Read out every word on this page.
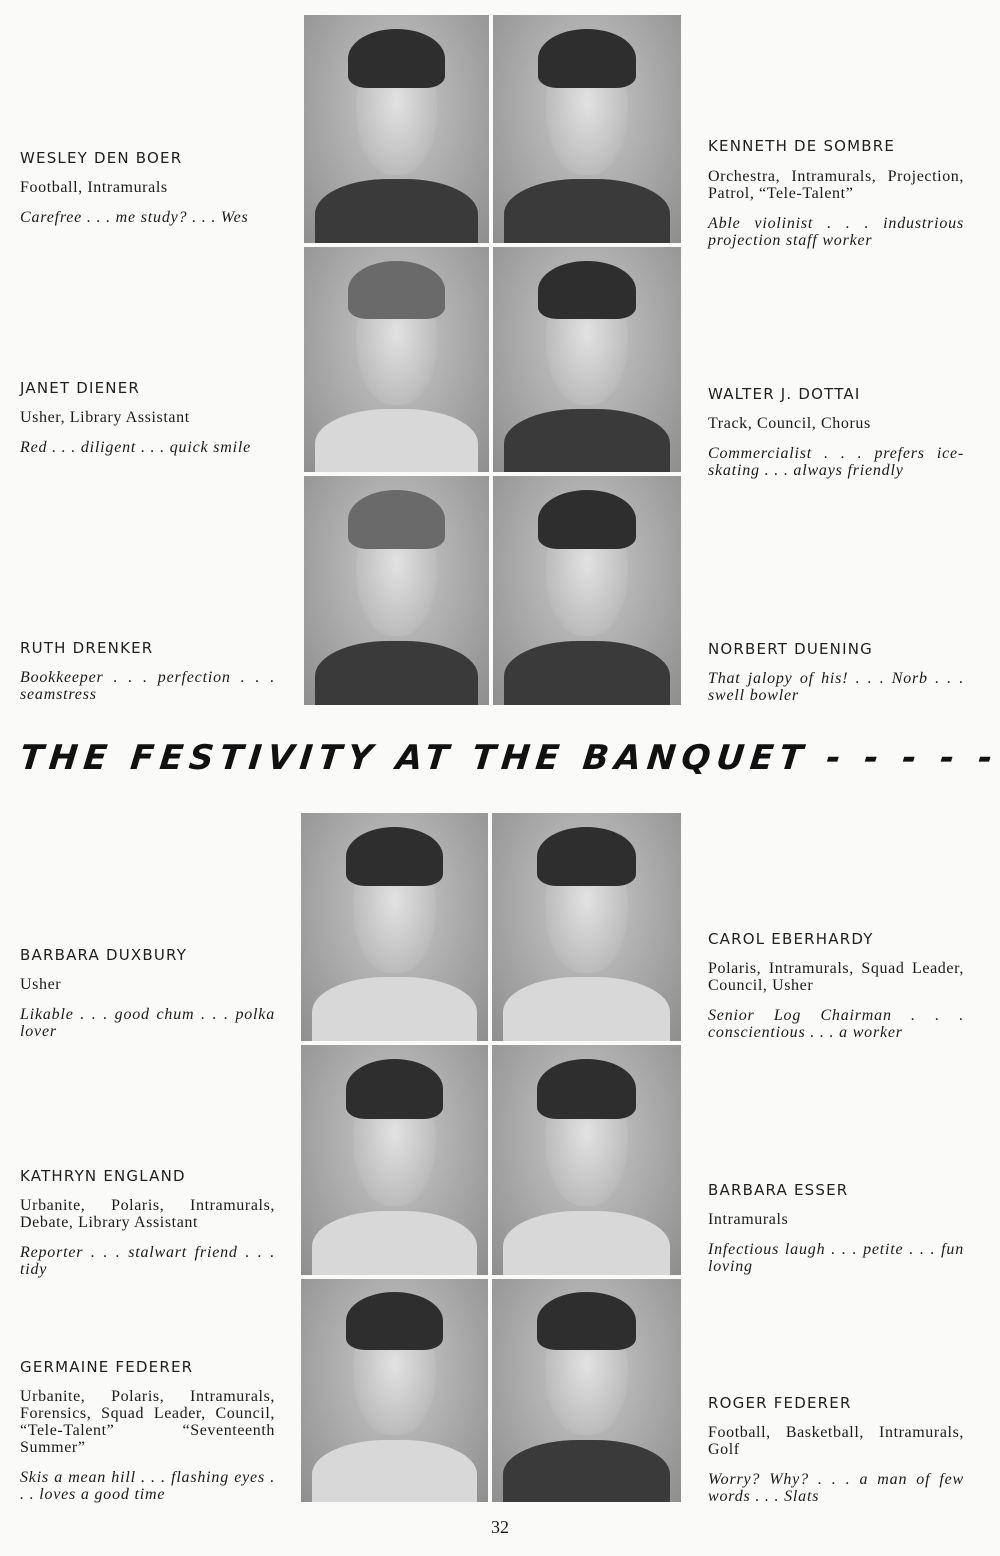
WESLEY DEN BOER
Football, Intramurals
Carefree . . . me study? . . . Wes
KENNETH DE SOMBRE
Orchestra, Intramurals, Projection, Patrol, “Tele-Talent”
Able violinist . . . industrious projection staff worker
JANET DIENER
Usher, Library Assistant
Red . . . diligent . . . quick smile
WALTER J. DOTTAI
Track, Council, Chorus
Commercialist . . . prefers ice-skating . . . always friendly
RUTH DRENKER
Bookkeeper . . . perfection . . . seamstress
NORBERT DUENING
That jalopy of his! . . . Norb . . . swell bowler
THE FESTIVITY AT THE BANQUET - - - - -
BARBARA DUXBURY
Usher
Likable . . . good chum . . . polka lover
CAROL EBERHARDY
Polaris, Intramurals, Squad Leader, Council, Usher
Senior Log Chairman . . . conscientious . . . a worker
KATHRYN ENGLAND
Urbanite, Polaris, Intramurals, Debate, Library Assistant
Reporter . . . stalwart friend . . . tidy
BARBARA ESSER
Intramurals
Infectious laugh . . . petite . . . fun loving
GERMAINE FEDERER
Urbanite, Polaris, Intramurals, Forensics, Squad Leader, Council, “Tele-Talent” “Seventeenth Summer”
Skis a mean hill . . . flashing eyes . . . loves a good time
ROGER FEDERER
Football, Basketball, Intramurals, Golf
Worry? Why? . . . a man of few words . . . Slats
32
